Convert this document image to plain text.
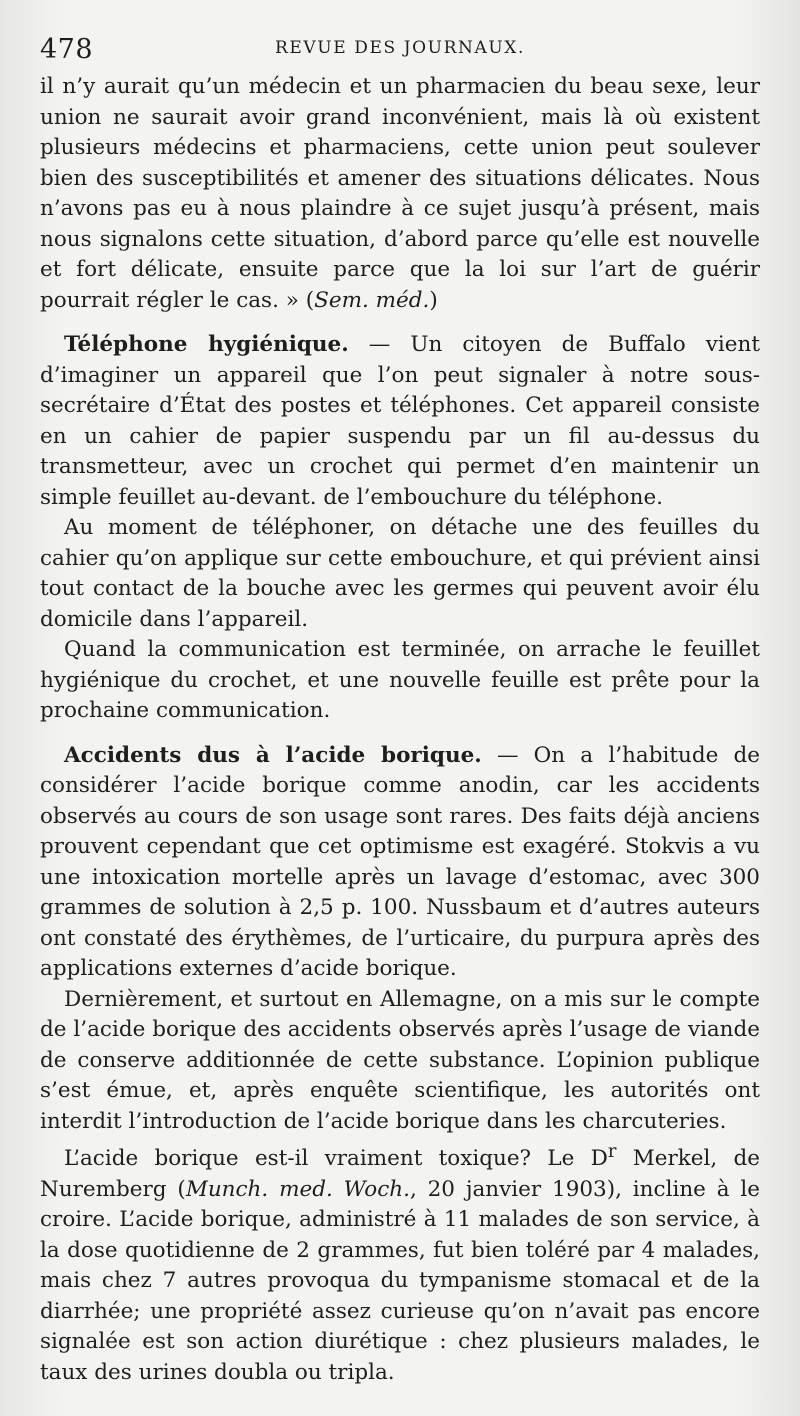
478	REVUE DES JOURNAUX.

il n’y aurait qu’un médecin et un pharmacien du beau sexe, leur union ne saurait avoir grand inconvénient, mais là où existent plusieurs médecins et pharmaciens, cette union peut soulever bien des susceptibilités et amener des situations délicates. Nous n’avons pas eu à nous plaindre à ce sujet jusqu’à présent, mais nous signalons cette situation, d’abord parce qu’elle est nouvelle et fort délicate, ensuite parce que la loi sur l’art de guérir pourrait régler le cas. » (Sem. méd.)

Téléphone hygiénique. — Un citoyen de Buffalo vient d’imaginer un appareil que l’on peut signaler à notre sous-secrétaire d’État des postes et téléphones. Cet appareil consiste en un cahier de papier suspendu par un fil au-dessus du transmetteur, avec un crochet qui permet d’en maintenir un simple feuillet au-devant. de l’embouchure du téléphone.

Au moment de téléphoner, on détache une des feuilles du cahier qu’on applique sur cette embouchure, et qui prévient ainsi tout contact de la bouche avec les germes qui peuvent avoir élu domicile dans l’appareil.

Quand la communication est terminée, on arrache le feuillet hygiénique du crochet, et une nouvelle feuille est prête pour la prochaine communication.

Accidents dus à l’acide borique. — On a l’habitude de considérer l’acide borique comme anodin, car les accidents observés au cours de son usage sont rares. Des faits déjà anciens prouvent cependant que cet optimisme est exagéré. Stokvis a vu une intoxication mortelle après un lavage d’estomac, avec 300 grammes de solution à 2,5 p. 100. Nussbaum et d’autres auteurs ont constaté des érythèmes, de l’urticaire, du purpura après des applications externes d’acide borique.

Dernièrement, et surtout en Allemagne, on a mis sur le compte de l’acide borique des accidents observés après l’usage de viande de conserve additionnée de cette substance. L’opinion publique s’est émue, et, après enquête scientifique, les autorités ont interdit l’introduction de l’acide borique dans les charcuteries.

L’acide borique est-il vraiment toxique? Le $D^r$ Merkel, de Nuremberg (Munch. med. Woch., 20 janvier 1903), incline à le croire. L’acide borique, administré à 11 malades de son service, à la dose quotidienne de 2 grammes, fut bien toléré par 4 malades, mais chez 7 autres provoqua du tympanisme stomacal et de la diarrhée; une propriété assez curieuse qu’on n’avait pas encore signalée est son action diurétique : chez plusieurs malades, le taux des urines doubla ou tripla.
